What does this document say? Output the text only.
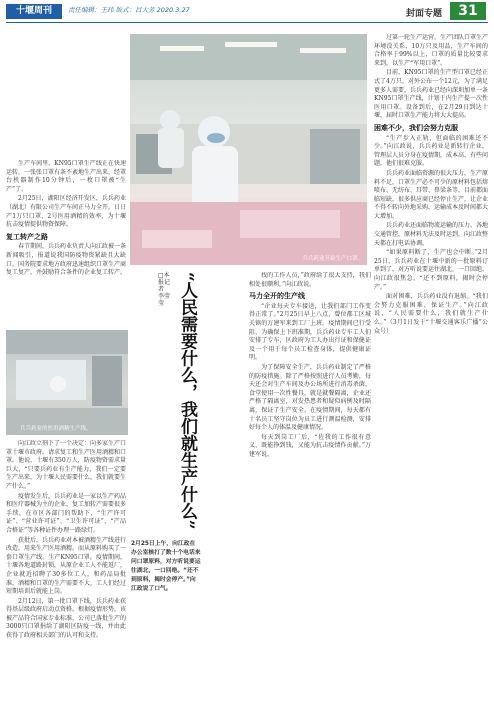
十堰周刊	责任编辑：王玮 版式：吕大芳 2020.3.27	封面专题	31
兵兵药业开始生产口罩。
兵兵药业的医用酒精生产线。
□本报记者 李莹莹 “人民需要什么，我们就生产什么”
2月25日上午，向江政在办公室核打了数十个电话来问口罩原料，对方听说要运往湖北，一口回绝。“还不到原料，揭时会停产。”向江政说了口气。

生产车间里，KN95口罩生产线正在快速运转，一张张口罩有条不紊地生产出来，经罩台机器制作10分钟后，一枚口罩被“生产”了。

2月25日，湖阳区经济开发区，兵兵药业（湖北）有限公司生产车间正马力全开，日日产1万只口罩，2号医用酒精的效率，为十堰抗击疫情提供物资保障。

复工转产之路

春节期间，兵兵药业负责人向江政被一条新闻吸引，报道说我国防疫物资紧缺且大缺口，国务院要求地方政府迅速组织口罩生产商复工复产，并鼓励符合条件的企业复工转产。

向江政立刻下了一个决定：向多家生产口罩十堰市政府，请求复工和生产医用酒精和口罩。他说，十堰有350万人，防疫物资需求量巨大，“只要兵药业有生产能力，我们一定要生产出来，为十堰人民需要什么，我们就要生产什么。”

疫情发生后，兵兵药业是一家以生产药品和医疗器械为主的企业，复工加转产需要很多手续，在市区各部门的帮助下，“生产许可证”、“营业许可证”、“卫生许可证”、“产品合格证”等各种证件办理一路绿灯。

获批后，兵兵药业对本被酒精生产线进行改造，用来生产医用酒精。而从原料购买了一套口罩生产线。生产KN95口罩。疫情期间，十堰各地道路封锁，从原企业工人不能返厂，企业就近招聘了30多位工人，和药品局批准，酒精和口罩的生产需要不大，工人们经过短期培训后就能上岗。

2月12日，第一批口罩下线，兵兵药业获得基层级政府启动点资格。根据疫情形势，该被产品符合国家专业标准，公司已落批生产的3000只口罩捐给了湖阳区防疫一线，并由此获得了政府相关部门的认可和支持。

找的工作人员，”政府给了很大支持，我们相处很顺利，”向江政说。

马力全开的生产线

“企业每天专车接送，让我们部门工作变得正常了。”2月25日早上八点，曾位都工区城关镇的万建军来到工厂上班。疫情期间已行受阻，为确保上下班准期，兵兵药业专车工人们安排了专车，区政府为工人办出行证和保健证及一个用于每个员工检查身体，提供健康证明。

为了保障安全生产，兵兵药业制定了严格的防疫措施。除了严格按照进行人员考勤，每天还会对生产车间及办公场所进行消毒杀菌，食堂使用一次性餐具，就是就餐隔离，企业还严格了隔离室，对发热患者和疑似病例及时隔离，保证了生产安全。在疫情期间，每天都有十名员工坚守岗位为员工进行测温检测，安排好每个人的体温及健康情况。

每天到岗工厂后，“佐我的工作很有意义，既能挣到钱，又能为抗击疫情作贡献。”万建军说。

过第一轮生产运营，生产团队口罩生产环境没关系、10万只及用品，生产车间的合格率于99%以上，口罩的质量比较要求来到，以生产“军用口罩”。

目前，KN95口罩的生产型口罩已经正式了4万只，对外公布一个12元，为了满足更多人需要，兵兵药业已经向深圳加单一条KN95口罩生产线，计划于内生产提一次性医用口罩。设备到后，在2月29日到达十堰，届时口罩生产能力将大大提高。

困难不少，我们会努力克服

“生产步入正轨，但面临的困难还不少。”向江政说，兵兵药业是新转行企业，管理层人员分身在疫情期，成本高，有些问题，他们很难克服。

兵兵药业面临资源的很大压力，生产原料不足，口罩生产必不可少的原材料包括熔喷布、无纺布、耳带、鼻梁条等，目前都面临短缺，很多供应商已经停止生产，让企业不得不转向外地采购，运输成本及时间都大大增加。

兵兵药业还面临物流运输的压力。各地交通管控，原材料无法及时运到，向江政整天都在打电话协调。

“如果原料断了，生产也会中断。”2月25日，兵兵药业在十堰中新的一批原料订单到了，对方听说要运往湖北，一口回绝。向江政很焦急，“还不到原料，揭时会停产。”

面对困难，兵兵药业没有退缩。“我们会努力克服困难，保证生产。”向江政说，“人民需要什么，我们就生产什么。”（3月1日发于“十堰交通客乐广播”公众号）
